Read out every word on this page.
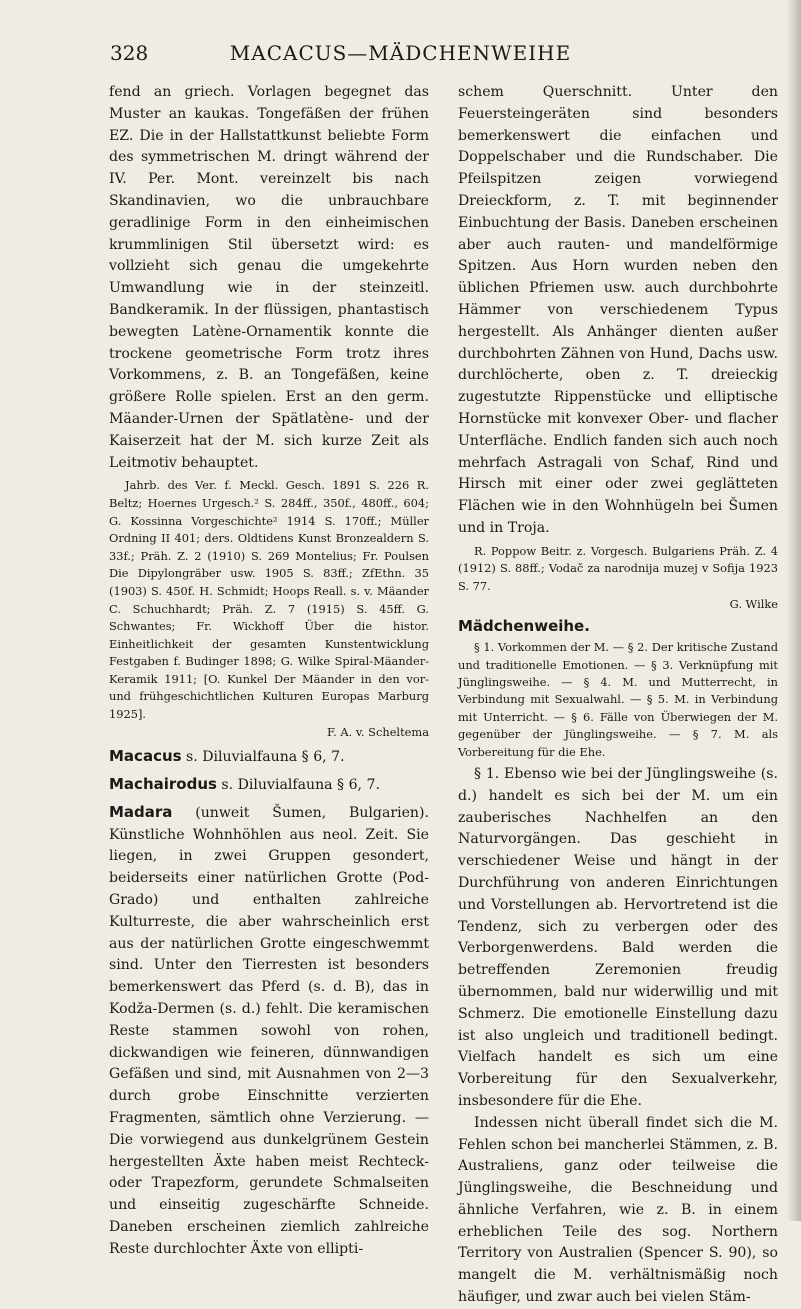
328	MACACUS—MÄDCHENWEIHE

fend an griech. Vorlagen begegnet das Muster an kaukas. Tongefäßen der frühen EZ. Die in der Hallstattkunst beliebte Form des symmetrischen M. dringt während der IV. Per. Mont. vereinzelt bis nach Skandinavien, wo die unbrauchbare geradlinige Form in den einheimischen krummlinigen Stil übersetzt wird: es vollzieht sich genau die umgekehrte Umwandlung wie in der steinzeitl. Bandkeramik. In der flüssigen, phantastisch bewegten Latène-Ornamentik konnte die trockene geometrische Form trotz ihres Vorkommens, z. B. an Tongefäßen, keine größere Rolle spielen. Erst an den germ. Mäander-Urnen der Spätlatène- und der Kaiserzeit hat der M. sich kurze Zeit als Leitmotiv behauptet.

Jahrb. des Ver. f. Meckl. Gesch. 1891 S. 226 R. Beltz; Hoernes Urgesch.² S. 284ff., 350f., 480ff., 604; G. Kossinna Vorgeschichte² 1914 S. 170ff.; Müller Ordning II 401; ders. Oldtidens Kunst Bronzealdern S. 33f.; Präh. Z. 2 (1910) S. 269 Montelius; Fr. Poulsen Die Dipylongräber usw. 1905 S. 83ff.; ZfEthn. 35 (1903) S. 450f. H. Schmidt; Hoops Reall. s. v. Mäander C. Schuchhardt; Präh. Z. 7 (1915) S. 45ff. G. Schwantes; Fr. Wickhoff Über die histor. Einheitlichkeit der gesamten Kunstentwicklung Festgaben f. Budinger 1898; G. Wilke Spiral-Mäander-Keramik 1911; [O. Kunkel Der Mäander in den vor- und frühgeschichtlichen Kulturen Europas Marburg 1925].

F. A. v. Scheltema

Macacus s. Diluvialfauna § 6, 7.

Machairodus s. Diluvialfauna § 6, 7.

Madara (unweit Šumen, Bulgarien). Künstliche Wohnhöhlen aus neol. Zeit. Sie liegen, in zwei Gruppen gesondert, beiderseits einer natürlichen Grotte (Pod-Grado) und enthalten zahlreiche Kulturreste, die aber wahrscheinlich erst aus der natürlichen Grotte eingeschwemmt sind. Unter den Tierresten ist besonders bemerkenswert das Pferd (s. d. B), das in Kodža-Dermen (s. d.) fehlt. Die keramischen Reste stammen sowohl von rohen, dickwandigen wie feineren, dünnwandigen Gefäßen und sind, mit Ausnahmen von 2—3 durch grobe Einschnitte verzierten Fragmenten, sämtlich ohne Verzierung. — Die vorwiegend aus dunkelgrünem Gestein hergestellten Äxte haben meist Rechteck- oder Trapezform, gerundete Schmalseiten und einseitig zugeschärfte Schneide. Daneben erscheinen ziemlich zahlreiche Reste durchlochter Äxte von ellipti-

schem Querschnitt. Unter den Feuersteingeräten sind besonders bemerkenswert die einfachen und Doppelschaber und die Rundschaber. Die Pfeilspitzen zeigen vorwiegend Dreieckform, z. T. mit beginnender Einbuchtung der Basis. Daneben erscheinen aber auch rauten- und mandelförmige Spitzen. Aus Horn wurden neben den üblichen Pfriemen usw. auch durchbohrte Hämmer von verschiedenem Typus hergestellt. Als Anhänger dienten außer durchbohrten Zähnen von Hund, Dachs usw. durchlöcherte, oben z. T. dreieckig zugestutzte Rippenstücke und elliptische Hornstücke mit konvexer Ober- und flacher Unterfläche. Endlich fanden sich auch noch mehrfach Astragali von Schaf, Rind und Hirsch mit einer oder zwei geglätteten Flächen wie in den Wohnhügeln bei Šumen und in Troja.

R. Poppow Beitr. z. Vorgesch. Bulgariens Präh. Z. 4 (1912) S. 88ff.; Vodač za narodnija muzej v Sofija 1923 S. 77.

G. Wilke
Mädchenweihe.
§ 1. Vorkommen der M. — § 2. Der kritische Zustand und traditionelle Emotionen. — § 3. Verknüpfung mit Jünglingsweihe. — § 4. M. und Mutterrecht, in Verbindung mit Sexualwahl. — § 5. M. in Verbindung mit Unterricht. — § 6. Fälle von Überwiegen der M. gegenüber der Jünglingsweihe. — § 7. M. als Vorbereitung für die Ehe.

§ 1. Ebenso wie bei der Jünglingsweihe (s. d.) handelt es sich bei der M. um ein zauberisches Nachhelfen an den Naturvorgängen. Das geschieht in verschiedener Weise und hängt in der Durchführung von anderen Einrichtungen und Vorstellungen ab. Hervortretend ist die Tendenz, sich zu verbergen oder des Verborgenwerdens. Bald werden die betreffenden Zeremonien freudig übernommen, bald nur widerwillig und mit Schmerz. Die emotionelle Einstellung dazu ist also ungleich und traditionell bedingt. Vielfach handelt es sich um eine Vorbereitung für den Sexualverkehr, insbesondere für die Ehe.

Indessen nicht überall findet sich die M. Fehlen schon bei mancherlei Stämmen, z. B. Australiens, ganz oder teilweise die Jünglingsweihe, die Beschneidung und ähnliche Verfahren, wie z. B. in einem erheblichen Teile des sog. Northern Territory von Australien (Spencer S. 90), so mangelt die M. verhältnismäßig noch häufiger, und zwar auch bei vielen Stäm-
